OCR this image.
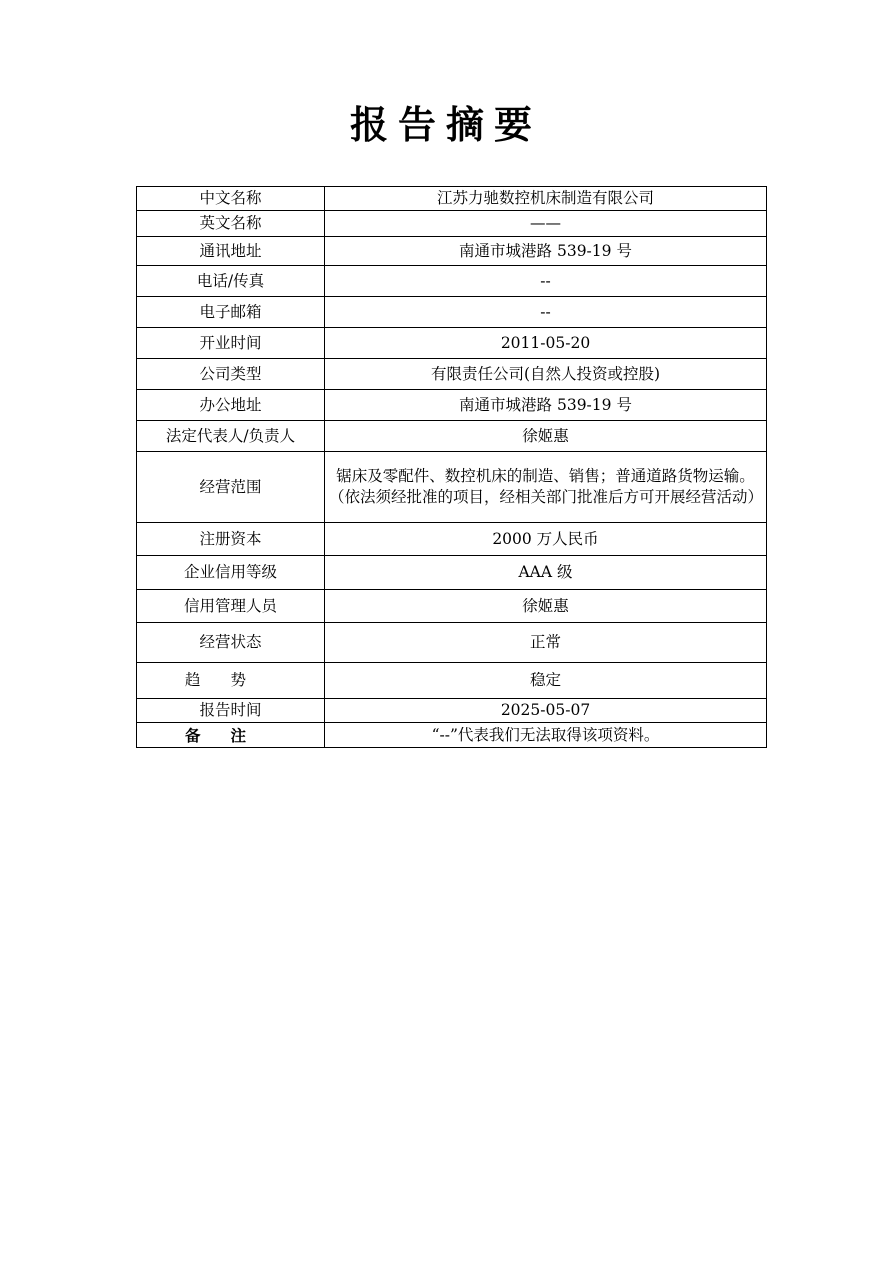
报告摘要
中文名称	江苏力驰数控机床制造有限公司
英文名称	——
通讯地址	南通市城港路 539-19 号
电话/传真	--
电子邮箱	--
开业时间	2011-05-20
公司类型	有限责任公司(自然人投资或控股)
办公地址	南通市城港路 539-19 号
法定代表人/负责人	徐姬惠
经营范围	锯床及零配件、数控机床的制造、销售；普通道路货物运输。（依法须经批准的项目，经相关部门批准后方可开展经营活动）
注册资本	2000 万人民币
企业信用等级	AAA 级
信用管理人员	徐姬惠
经营状态	正常
趋势	稳定
报告时间	2025-05-07
备注	“--”代表我们无法取得该项资料。
